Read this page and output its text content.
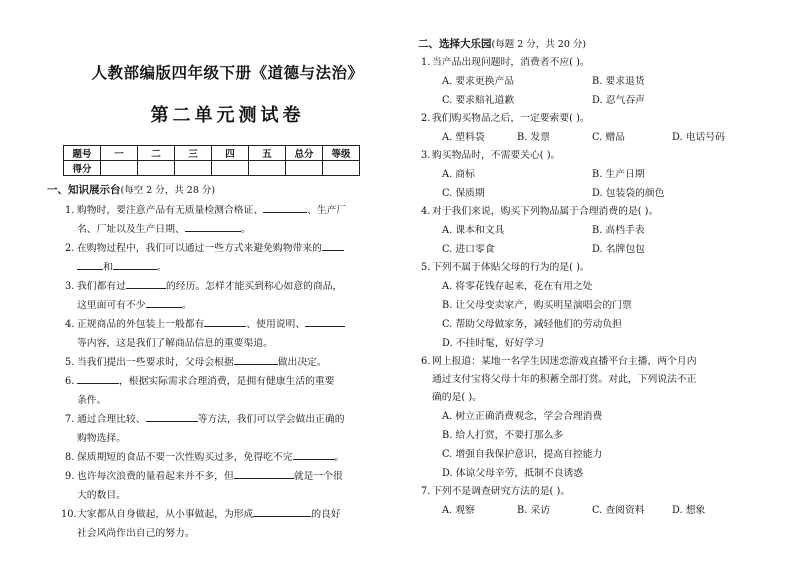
人教部编版四年级下册《道德与法治》
第二单元测试卷
题号	一	二	三	四	五	总分	等级
得分							
一、知识展示台(每空 2 分，共 28 分)
1. 购物时，要注意产品有无质量检测合格证、	、生产厂
名、厂址以及生产日期、	。
2. 在购物过程中，我们可以通过一些方式来避免购物带来的
和	。
3. 我们都有过	的经历。怎样才能买到称心如意的商品，
这里面可有不少	。
4. 正规商品的外包装上一般都有	、使用说明、
等内容，这是我们了解商品信息的重要渠道。
5. 当我们提出一些要求时，父母会根据	做出决定。
6.	，根据实际需求合理消费，是拥有健康生活的重要
条件。
7. 通过合理比较、	等方法，我们可以学会做出正确的
购物选择。
8. 保质期短的食品不要一次性购买过多，免得吃不完	。
9. 也许每次浪费的量看起来并不多，但	就是一个很
大的数目。
10. 大家都从自身做起，从小事做起，为形成	的良好
社会风尚作出自己的努力。
二、选择大乐园(每题 2 分，共 20 分)
1. 当产品出现问题时，消费者不应( )。
A. 要求更换产品	B. 要求退货
C. 要求赔礼道歉	D. 忍气吞声
2. 我们购买物品之后，一定要索要( )。
A. 塑料袋	B. 发票	C. 赠品	D. 电话号码
3. 购买物品时，不需要关心( )。
A. 商标	B. 生产日期
C. 保质期	D. 包装袋的颜色
4. 对于我们来说，购买下列物品属于合理消费的是( )。
A. 课本和文具	B. 高档手表
C. 进口零食	D. 名牌包包
5. 下列不属于体贴父母的行为的是( )。
A. 将零花钱存起来，花在有用之处
B. 让父母变卖家产，购买明星演唱会的门票
C. 帮助父母做家务，减轻他们的劳动负担
D. 不挂时髦，好好学习
6. 网上报道：某地一名学生因迷恋游戏直播平台主播，两个月内
通过支付宝将父母十年的积蓄全部打赏。对此，下列说法不正
确的是( )。
A. 树立正确消费观念，学会合理消费
B. 给人打赏，不要打那么多
C. 增强自我保护意识，提高自控能力
D. 体谅父母辛劳，抵制不良诱惑
7. 下列不是调查研究方法的是( )。
A. 观察	B. 采访	C. 查阅资料	D. 想象
